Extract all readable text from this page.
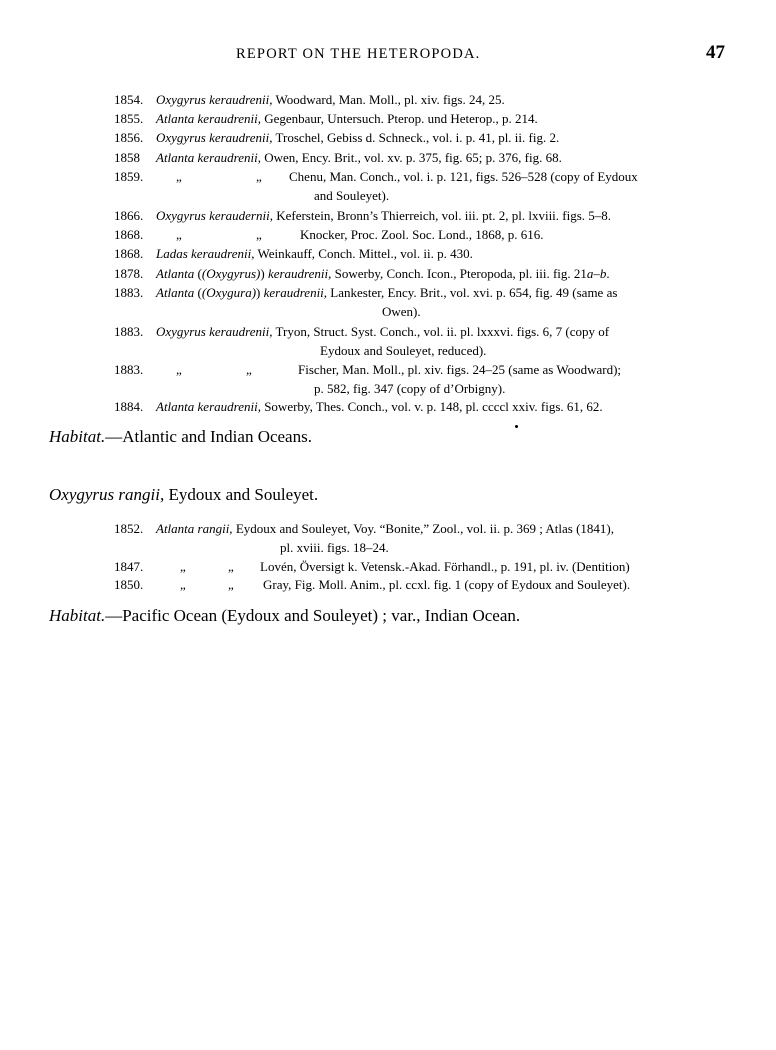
REPORT ON THE HETEROPODA.	47
1854. Oxygyrus keraudrenii, Woodward, Man. Moll., pl. xiv. figs. 24, 25.
1855. Atlanta keraudrenii, Gegenbaur, Untersuch. Pterop. und Heterop., p. 214.
1856. Oxygyrus keraudrenii, Troschel, Gebiss d. Schneck., vol. i. p. 41, pl. ii. fig. 2.
1858 Atlanta keraudrenii, Owen, Ency. Brit., vol. xv. p. 375, fig. 65; p. 376, fig. 68.
1859.	„	„ Chenu, Man. Conch., vol. i. p. 121, figs. 526–528 (copy of Eydoux
and Souleyet).
1866. Oxygyrus keraudernii, Keferstein, Bronn’s Thierreich, vol. iii. pt. 2, pl. lxviii. figs. 5–8.
1868.	„	„	Knocker, Proc. Zool. Soc. Lond., 1868, p. 616.
1868. Ladas keraudrenii, Weinkauff, Conch. Mittel., vol. ii. p. 430.
1878. Atlanta ((Oxygyrus)) keraudrenii, Sowerby, Conch. Icon., Pteropoda, pl. iii. fig. 21a–b.
1883. Atlanta ((Oxygura)) keraudrenii, Lankester, Ency. Brit., vol. xvi. p. 654, fig. 49 (same as
Owen).
1883. Oxygyrus keraudrenii, Tryon, Struct. Syst. Conch., vol. ii. pl. lxxxvi. figs. 6, 7 (copy of
Eydoux and Souleyet, reduced).
1883.	„	„	Fischer, Man. Moll., pl. xiv. figs. 24–25 (same as Woodward);
p. 582, fig. 347 (copy of d’Orbigny).
1884. Atlanta keraudrenii, Sowerby, Thes. Conch., vol. v. p. 148, pl. ccccl xxiv. figs. 61, 62.
Habitat.—Atlantic and Indian Oceans.
Oxygyrus rangii, Eydoux and Souleyet.
1852. Atlanta rangii, Eydoux and Souleyet, Voy. “Bonite,” Zool., vol. ii. p. 369 ; Atlas (1841),
pl. xviii. figs. 18–24.
1847.	„	„ Lovén, Översigt k. Vetensk.-Akad. Förhandl., p. 191, pl. iv. (Dentition)
1850.	„	„ Gray, Fig. Moll. Anim., pl. ccxl. fig. 1 (copy of Eydoux and Souleyet).
Habitat.—Pacific Ocean (Eydoux and Souleyet) ; var., Indian Ocean.
